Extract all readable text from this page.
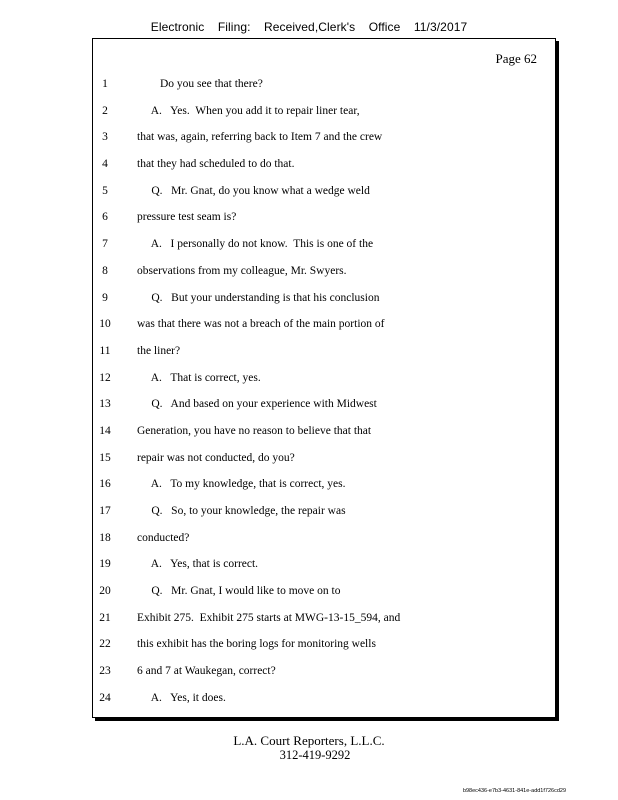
Electronic Filing: Received,Clerk's Office 11/3/2017
Page 62
1
2
3
4
5
6
7
8
9
10
11
12
13
14
15
16
17
18
19
20
21
22
23
24
Do you see that there?
A.   Yes.  When you add it to repair liner tear,
that was, again, referring back to Item 7 and the crew
that they had scheduled to do that.
Q.   Mr. Gnat, do you know what a wedge weld
pressure test seam is?
A.   I personally do not know.  This is one of the
observations from my colleague, Mr. Swyers.
Q.   But your understanding is that his conclusion
was that there was not a breach of the main portion of
the liner?
A.   That is correct, yes.
Q.   And based on your experience with Midwest
Generation, you have no reason to believe that that
repair was not conducted, do you?
A.   To my knowledge, that is correct, yes.
Q.   So, to your knowledge, the repair was
conducted?
A.   Yes, that is correct.
Q.   Mr. Gnat, I would like to move on to
Exhibit 275.  Exhibit 275 starts at MWG-13-15_594, and
this exhibit has the boring logs for monitoring wells
6 and 7 at Waukegan, correct?
A.   Yes, it does.
L.A. Court Reporters, L.L.C.
312-419-9292
b98ec436-e7b3-4631-841e-add1f726cd29
